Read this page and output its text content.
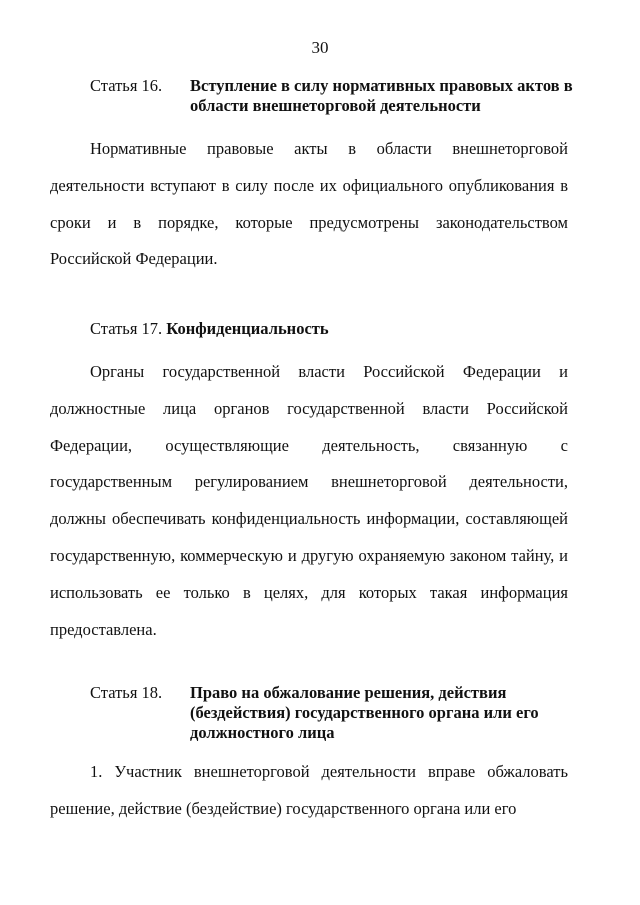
30
Статья 16. Вступление в силу нормативных правовых актов в области внешнеторговой деятельности

Нормативные правовые акты в области внешнеторговой деятельности вступают в силу после их официального опубликования в сроки и в порядке, которые предусмотрены законодательством Российской Федерации.

Статья 17. Конфиденциальность

Органы государственной власти Российской Федерации и должностные лица органов государственной власти Российской Федерации, осуществляющие деятельность, связанную с государственным регулированием внешнеторговой деятельности, должны обеспечивать конфиденциальность информации, составляющей государственную, коммерческую и другую охраняемую законом тайну, и использовать ее только в целях, для которых такая информация предоставлена.

Статья 18. Право на обжалование решения, действия (бездействия) государственного органа или его должностного лица

1. Участник внешнеторговой деятельности вправе обжаловать решение, действие (бездействие) государственного органа или его
